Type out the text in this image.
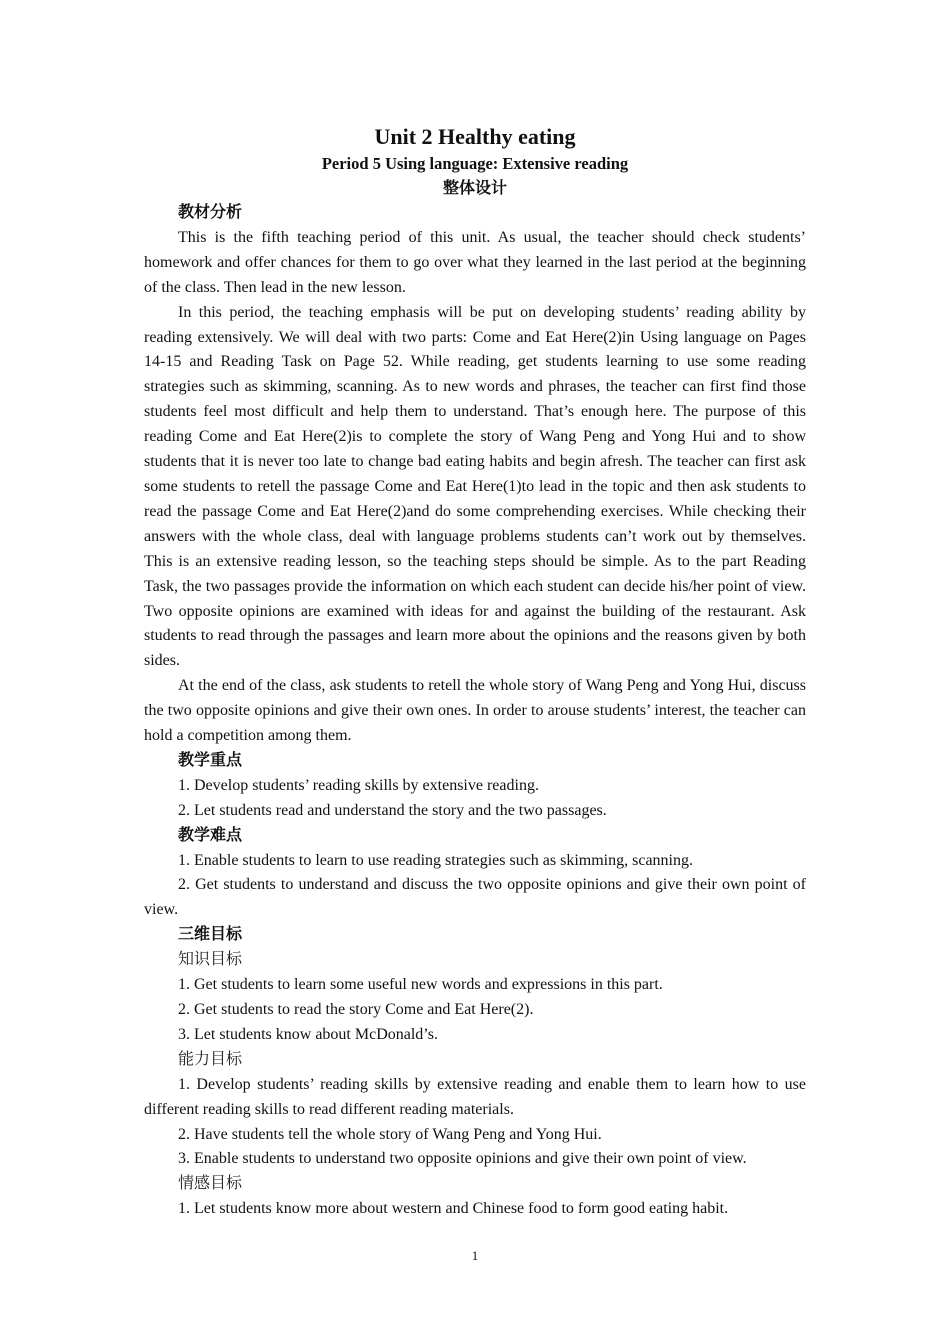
Unit 2 Healthy eating
Period 5 Using language: Extensive reading
整体设计
教材分析

This is the fifth teaching period of this unit. As usual, the teacher should check students’ homework and offer chances for them to go over what they learned in the last period at the beginning of the class. Then lead in the new lesson.

In this period, the teaching emphasis will be put on developing students’ reading ability by reading extensively. We will deal with two parts: Come and Eat Here(2)in Using language on Pages 14-15 and Reading Task on Page 52. While reading, get students learning to use some reading strategies such as skimming, scanning. As to new words and phrases, the teacher can first find those students feel most difficult and help them to understand. That’s enough here. The purpose of this reading Come and Eat Here(2)is to complete the story of Wang Peng and Yong Hui and to show students that it is never too late to change bad eating habits and begin afresh. The teacher can first ask some students to retell the passage Come and Eat Here(1)to lead in the topic and then ask students to read the passage Come and Eat Here(2)and do some comprehending exercises. While checking their answers with the whole class, deal with language problems students can’t work out by themselves. This is an extensive reading lesson, so the teaching steps should be simple. As to the part Reading Task, the two passages provide the information on which each student can decide his/her point of view. Two opposite opinions are examined with ideas for and against the building of the restaurant. Ask students to read through the passages and learn more about the opinions and the reasons given by both sides.

At the end of the class, ask students to retell the whole story of Wang Peng and Yong Hui, discuss the two opposite opinions and give their own ones. In order to arouse students’ interest, the teacher can hold a competition among them.

教学重点

1. Develop students’ reading skills by extensive reading.

2. Let students read and understand the story and the two passages.

教学难点

1. Enable students to learn to use reading strategies such as skimming, scanning.

2. Get students to understand and discuss the two opposite opinions and give their own point of view.

三维目标
知识目标

1. Get students to learn some useful new words and expressions in this part.

2. Get students to read the story Come and Eat Here(2).

3. Let students know about McDonald’s.

能力目标

1. Develop students’ reading skills by extensive reading and enable them to learn how to use different reading skills to read different reading materials.

2. Have students tell the whole story of Wang Peng and Yong Hui.

3. Enable students to understand two opposite opinions and give their own point of view.

情感目标

1. Let students know more about western and Chinese food to form good eating habit.

1
